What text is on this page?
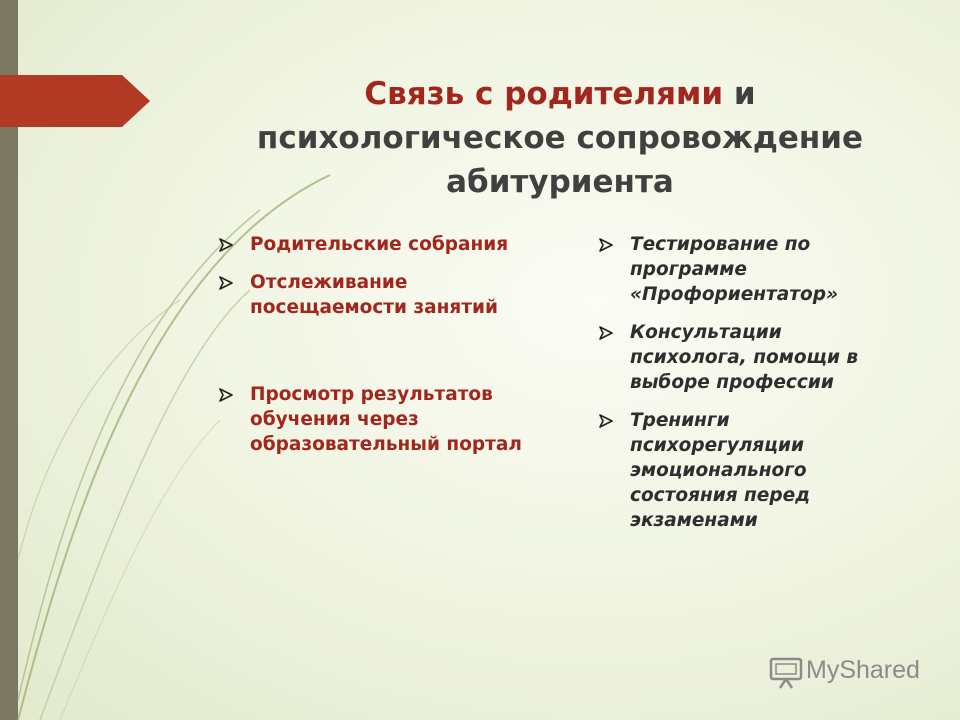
Связь с родителями и
психологическое сопровождение абитуриента
Родительские собрания
Отслеживание посещаемости занятий
Просмотр результатов обучения через образовательный портал
Тестирование по программе «Профориентатор»
Консультации психолога, помощи в выборе профессии
Тренинги психорегуляции эмоционального состояния перед экзаменами
MyShared
